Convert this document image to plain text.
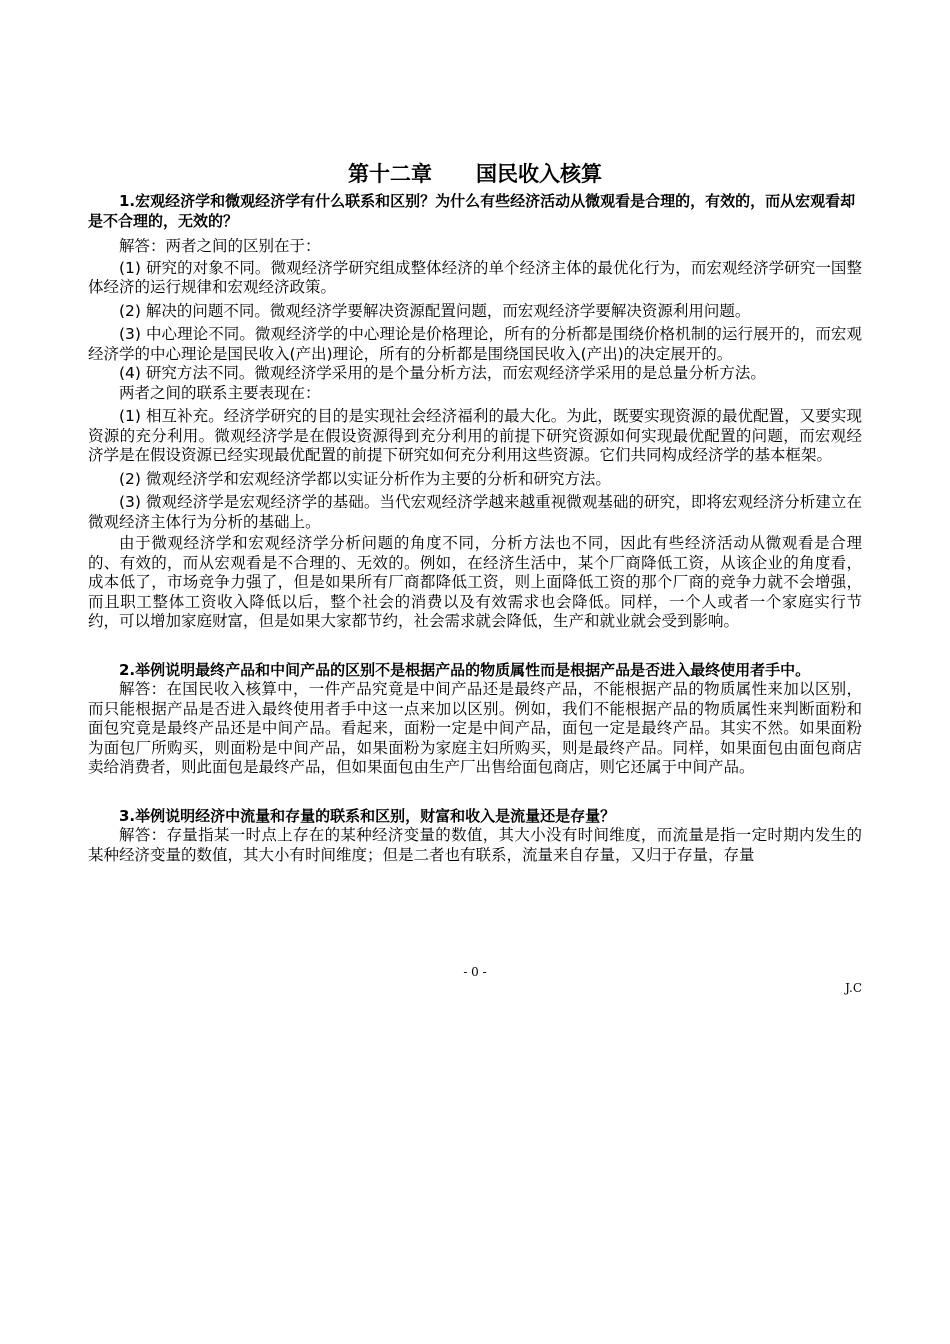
第十二章 国民收入核算

1.宏观经济学和微观经济学有什么联系和区别？为什么有些经济活动从微观看是合理的，有效的，而从宏观看却是不合理的，无效的？

解答：两者之间的区别在于：

(1) 研究的对象不同。微观经济学研究组成整体经济的单个经济主体的最优化行为，而宏观经济学研究一国整体经济的运行规律和宏观经济政策。

(2) 解决的问题不同。微观经济学要解决资源配置问题，而宏观经济学要解决资源利用问题。

(3) 中心理论不同。微观经济学的中心理论是价格理论，所有的分析都是围绕价格机制的运行展开的，而宏观经济学的中心理论是国民收入(产出)理论，所有的分析都是围绕国民收入(产出)的决定展开的。

(4) 研究方法不同。微观经济学采用的是个量分析方法，而宏观经济学采用的是总量分析方法。

两者之间的联系主要表现在：

(1) 相互补充。经济学研究的目的是实现社会经济福利的最大化。为此，既要实现资源的最优配置，又要实现资源的充分利用。微观经济学是在假设资源得到充分利用的前提下研究资源如何实现最优配置的问题，而宏观经济学是在假设资源已经实现最优配置的前提下研究如何充分利用这些资源。它们共同构成经济学的基本框架。

(2) 微观经济学和宏观经济学都以实证分析作为主要的分析和研究方法。

(3) 微观经济学是宏观经济学的基础。当代宏观经济学越来越重视微观基础的研究，即将宏观经济分析建立在微观经济主体行为分析的基础上。

由于微观经济学和宏观经济学分析问题的角度不同，分析方法也不同，因此有些经济活动从微观看是合理的、有效的，而从宏观看是不合理的、无效的。例如，在经济生活中，某个厂商降低工资，从该企业的角度看，成本低了，市场竞争力强了，但是如果所有厂商都降低工资，则上面降低工资的那个厂商的竞争力就不会增强，而且职工整体工资收入降低以后，整个社会的消费以及有效需求也会降低。同样，一个人或者一个家庭实行节约，可以增加家庭财富，但是如果大家都节约，社会需求就会降低，生产和就业就会受到影响。

2.举例说明最终产品和中间产品的区别不是根据产品的物质属性而是根据产品是否进入最终使用者手中。

解答：在国民收入核算中，一件产品究竟是中间产品还是最终产品，不能根据产品的物质属性来加以区别，而只能根据产品是否进入最终使用者手中这一点来加以区别。例如，我们不能根据产品的物质属性来判断面粉和面包究竟是最终产品还是中间产品。看起来，面粉一定是中间产品，面包一定是最终产品。其实不然。如果面粉为面包厂所购买，则面粉是中间产品，如果面粉为家庭主妇所购买，则是最终产品。同样，如果面包由面包商店卖给消费者，则此面包是最终产品，但如果面包由生产厂出售给面包商店，则它还属于中间产品。

3.举例说明经济中流量和存量的联系和区别，财富和收入是流量还是存量？

解答：存量指某一时点上存在的某种经济变量的数值，其大小没有时间维度，而流量是指一定时期内发生的某种经济变量的数值，其大小有时间维度；但是二者也有联系，流量来自存量，又归于存量，存量

- 0 -
J.C
